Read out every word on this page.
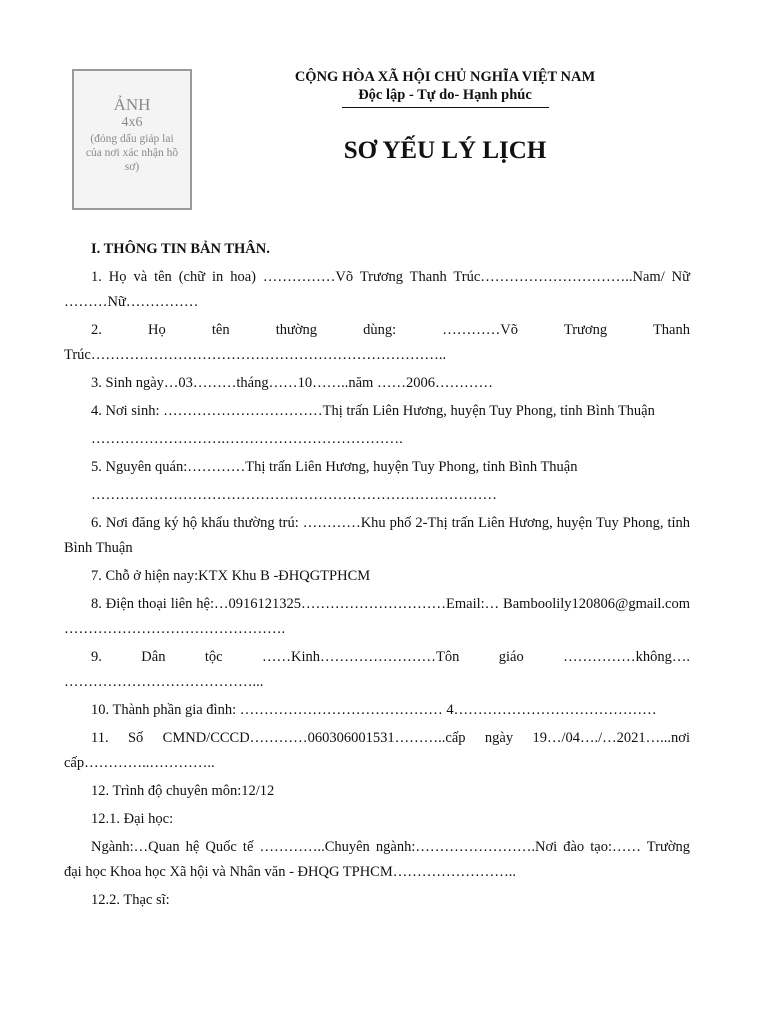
ẢNH
4x6
(đóng dấu giáp lai của nơi xác nhận hồ sơ)
CỘNG HÒA XÃ HỘI CHỦ NGHĨA VIỆT NAM
Độc lập - Tự do- Hạnh phúc
SƠ YẾU LÝ LỊCH
I. THÔNG TIN BẢN THÂN.
1. Họ và tên (chữ in hoa) ……………Võ Trương Thanh Trúc…………………………..Nam/ Nữ ………Nữ……………
2. Họ tên thường dùng: …………Võ Trương Thanh Trúc………………………………………………………………..
3. Sinh ngày…03………tháng……10……..năm ……2006…………
4. Nơi sinh: ……………………………Thị trấn Liên Hương, huyện Tuy Phong, tỉnh Bình Thuận
……………………….……………………………….
5. Nguyên quán:…………Thị trấn Liên Hương, huyện Tuy Phong, tỉnh Bình Thuận
…………………………………………………………………………
6. Nơi đăng ký hộ khẩu thường trú: …………Khu phố 2-Thị trấn Liên Hương, huyện Tuy Phong, tỉnh Bình Thuận
7. Chỗ ở hiện nay:KTX Khu B -ĐHQGTPHCM
8. Điện thoại liên hệ:…0916121325…………………………Email:… Bamboolily120806@gmail.com ……………………………………….
9. Dân tộc ……Kinh……………………Tôn giáo ……………không…. …………………………………...
10. Thành phần gia đình: …………………………………… 4……………………………………
11. Số CMND/CCCD…………060306001531………..cấp ngày 19…/04…./…2021…...nơi cấp…………..…………..
12. Trình độ chuyên môn:12/12
12.1. Đại học:
Ngành:…Quan hệ Quốc tế …………..Chuyên ngành:…………………….Nơi đào tạo:…… Trường đại học Khoa học Xã hội và Nhân văn - ĐHQG TPHCM……………………..
12.2. Thạc sĩ:
